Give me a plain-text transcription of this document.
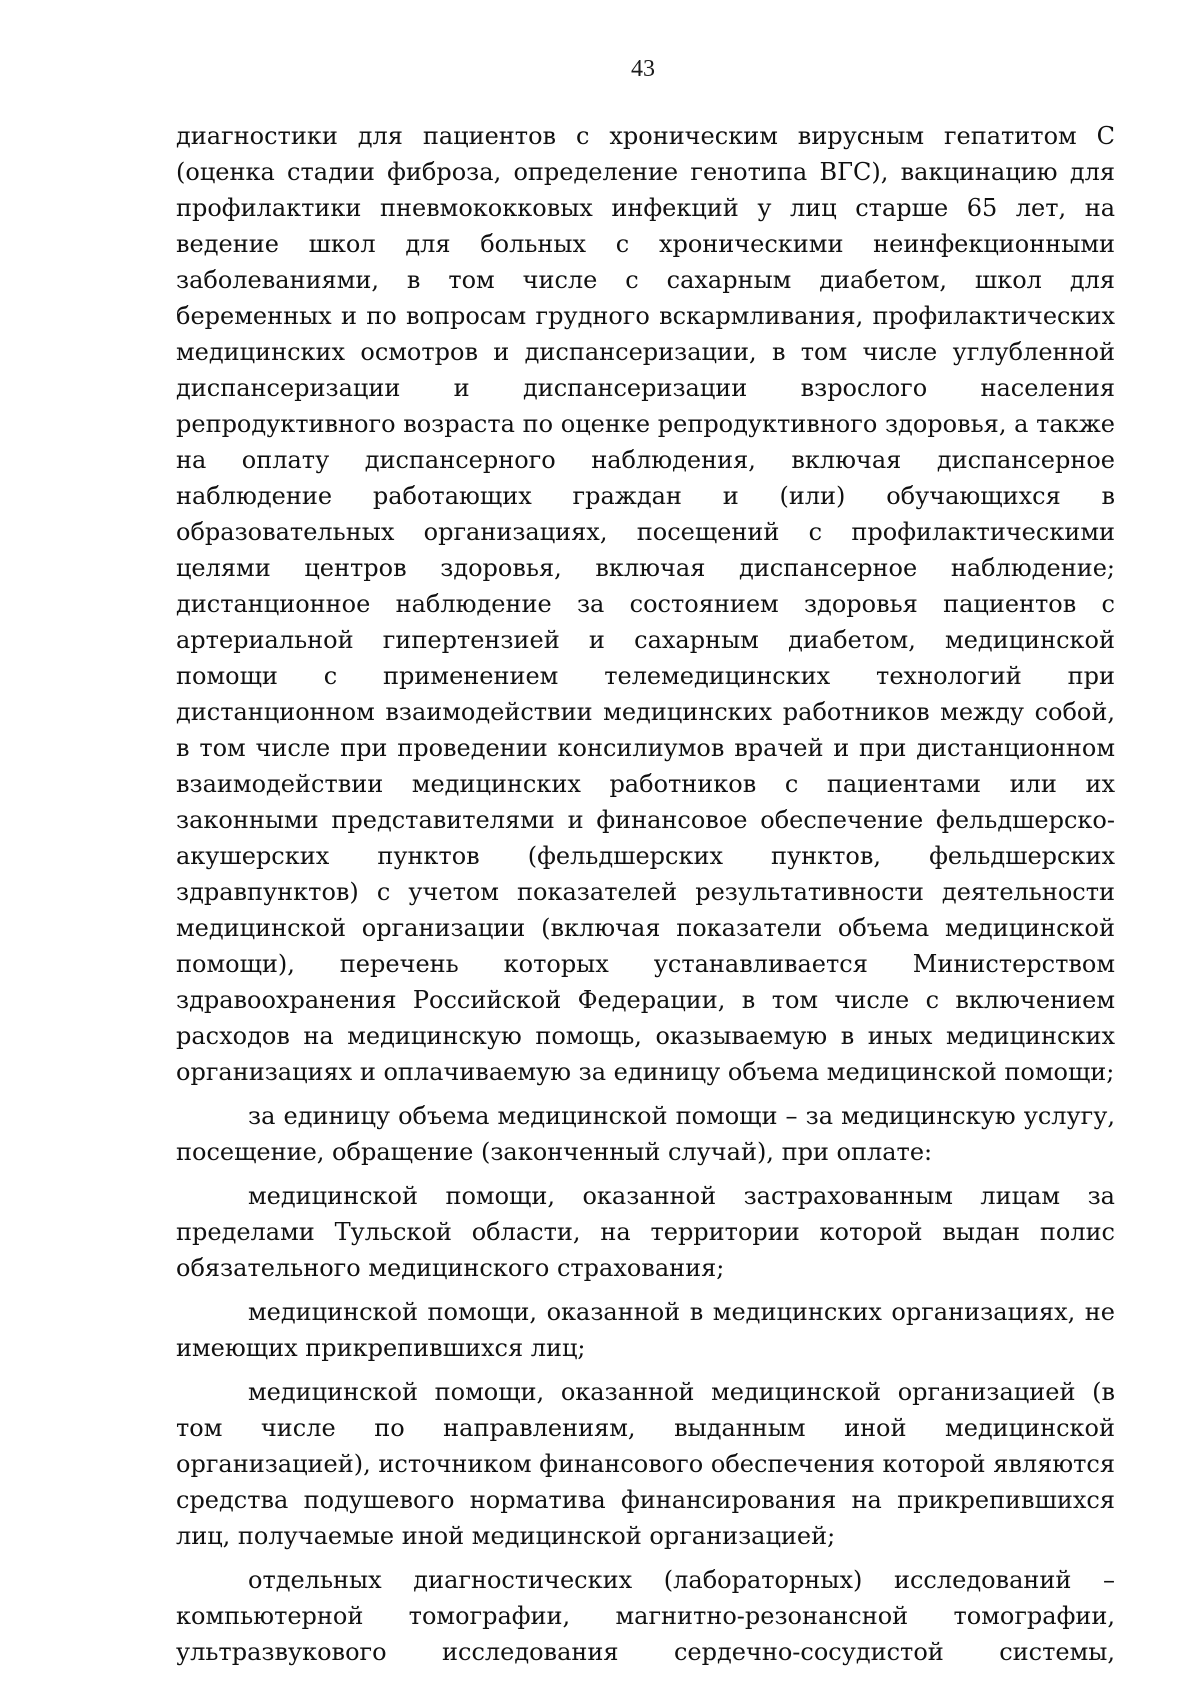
43

диагностики для пациентов с хроническим вирусным гепатитом С (оценка стадии фиброза, определение генотипа ВГС), вакцинацию для профилактики пневмококковых инфекций у лиц старше 65 лет, на ведение школ для больных с хроническими неинфекционными заболеваниями, в том числе с сахарным диабетом, школ для беременных и по вопросам грудного вскармливания, профилактических медицинских осмотров и диспансеризации, в том числе углубленной диспансеризации и диспансеризации взрослого населения репродуктивного возраста по оценке репродуктивного здоровья, а также на оплату диспансерного наблюдения, включая диспансерное наблюдение работающих граждан и (или) обучающихся в образовательных организациях, посещений с профилактическими целями центров здоровья, включая диспансерное наблюдение; дистанционное наблюдение за состоянием здоровья пациентов с артериальной гипертензией и сахарным диабетом, медицинской помощи с применением телемедицинских технологий при дистанционном взаимодействии медицинских работников между собой, в том числе при проведении консилиумов врачей и при дистанционном взаимодействии медицинских работников с пациентами или их законными представителями и финансовое обеспечение фельдшерско-акушерских пунктов (фельдшерских пунктов, фельдшерских здравпунктов) с учетом показателей результативности деятельности медицинской организации (включая показатели объема медицинской помощи), перечень которых устанавливается Министерством здравоохранения Российской Федерации, в том числе с включением расходов на медицинскую помощь, оказываемую в иных медицинских организациях и оплачиваемую за единицу объема медицинской помощи;

за единицу объема медицинской помощи – за медицинскую услугу, посещение, обращение (законченный случай), при оплате:

медицинской помощи, оказанной застрахованным лицам за пределами Тульской области, на территории которой выдан полис обязательного медицинского страхования;

медицинской помощи, оказанной в медицинских организациях, не имеющих прикрепившихся лиц;

медицинской помощи, оказанной медицинской организацией (в том числе по направлениям, выданным иной медицинской организацией), источником финансового обеспечения которой являются средства подушевого норматива финансирования на прикрепившихся лиц, получаемые иной медицинской организацией;

отдельных диагностических (лабораторных) исследований – компьютерной томографии, магнитно-резонансной томографии, ультразвукового исследования сердечно-сосудистой системы,
